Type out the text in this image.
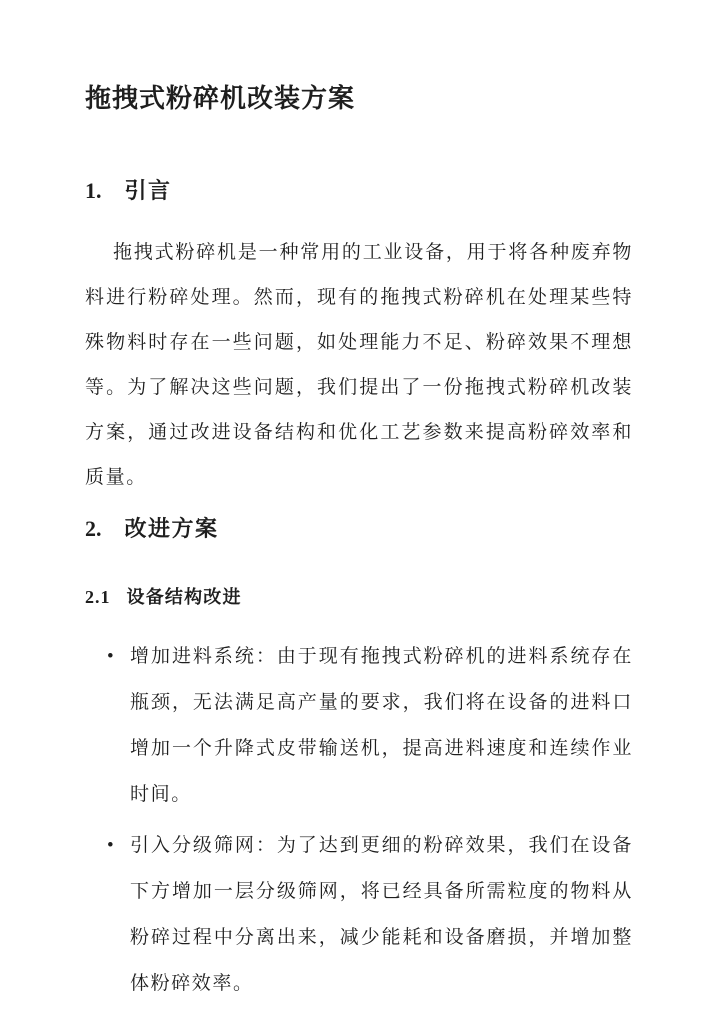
拖拽式粉碎机改装方案
1. 引言
拖拽式粉碎机是一种常用的工业设备，用于将各种废弃物料进行粉碎处理。然而，现有的拖拽式粉碎机在处理某些特殊物料时存在一些问题，如处理能力不足、粉碎效果不理想等。为了解决这些问题，我们提出了一份拖拽式粉碎机改装方案，通过改进设备结构和优化工艺参数来提高粉碎效率和质量。
2. 改进方案
2.1 设备结构改进
• 增加进料系统：由于现有拖拽式粉碎机的进料系统存在瓶颈，无法满足高产量的要求，我们将在设备的进料口增加一个升降式皮带输送机，提高进料速度和连续作业时间。
• 引入分级筛网：为了达到更细的粉碎效果，我们在设备下方增加一层分级筛网，将已经具备所需粒度的物料从粉碎过程中分离出来，减少能耗和设备磨损，并增加整体粉碎效率。
